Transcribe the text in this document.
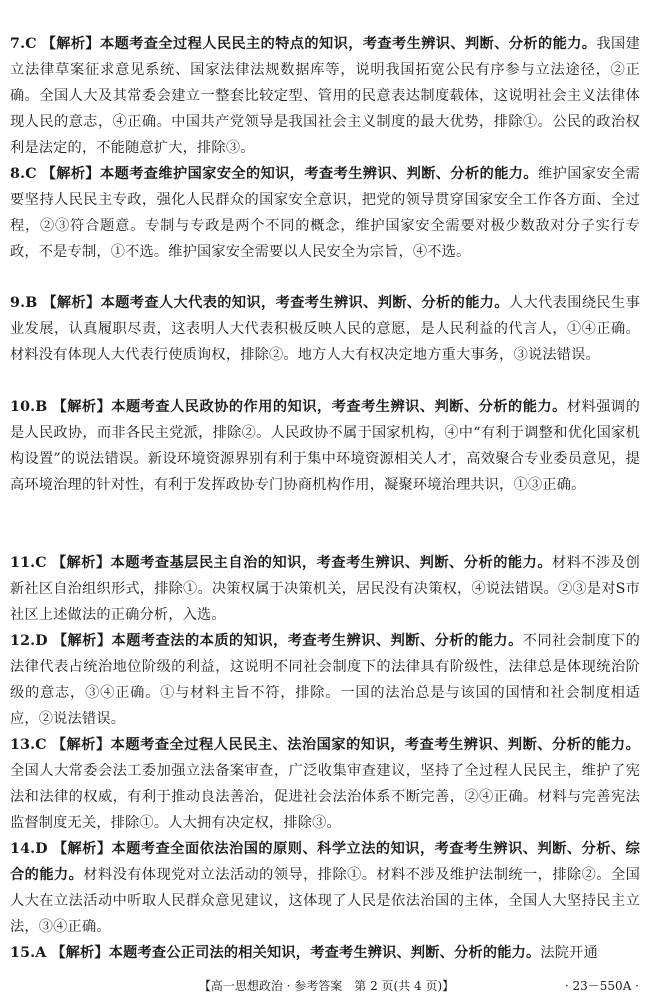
7.C 【解析】本题考查全过程人民民主的特点的知识，考查考生辨识、判断、分析的能力。我国建立法律草案征求意见系统、国家法律法规数据库等，说明我国拓宽公民有序参与立法途径，②正确。全国人大及其常委会建立一整套比较定型、管用的民意表达制度载体，这说明社会主义法律体现人民的意志，④正确。中国共产党领导是我国社会主义制度的最大优势，排除①。公民的政治权利是法定的，不能随意扩大，排除③。
8.C 【解析】本题考查维护国家安全的知识，考查考生辨识、判断、分析的能力。维护国家安全需要坚持人民民主专政，强化人民群众的国家安全意识，把党的领导贯穿国家安全工作各方面、全过程，②③符合题意。专制与专政是两个不同的概念，维护国家安全需要对极少数敌对分子实行专政，不是专制，①不选。维护国家安全需要以人民安全为宗旨，④不选。
9.B 【解析】本题考查人大代表的知识，考查考生辨识、判断、分析的能力。人大代表围绕民生事业发展，认真履职尽责，这表明人大代表积极反映人民的意愿，是人民利益的代言人，①④正确。材料没有体现人大代表行使质询权，排除②。地方人大有权决定地方重大事务，③说法错误。
10.B 【解析】本题考查人民政协的作用的知识，考查考生辨识、判断、分析的能力。材料强调的是人民政协，而非各民主党派，排除②。人民政协不属于国家机构，④中“有利于调整和优化国家机构设置”的说法错误。新设环境资源界别有利于集中环境资源相关人才，高效聚合专业委员意见，提高环境治理的针对性，有利于发挥政协专门协商机构作用，凝聚环境治理共识，①③正确。
11.C 【解析】本题考查基层民主自治的知识，考查考生辨识、判断、分析的能力。材料不涉及创新社区自治组织形式，排除①。决策权属于决策机关，居民没有决策权，④说法错误。②③是对S市社区上述做法的正确分析，入选。
12.D 【解析】本题考查法的本质的知识，考查考生辨识、判断、分析的能力。不同社会制度下的法律代表占统治地位阶级的利益，这说明不同社会制度下的法律具有阶级性，法律总是体现统治阶级的意志，③④正确。①与材料主旨不符，排除。一国的法治总是与该国的国情和社会制度相适应，②说法错误。
13.C 【解析】本题考查全过程人民民主、法治国家的知识，考查考生辨识、判断、分析的能力。全国人大常委会法工委加强立法备案审查，广泛收集审查建议，坚持了全过程人民民主，维护了宪法和法律的权威，有利于推动良法善治，促进社会法治体系不断完善，②④正确。材料与完善宪法监督制度无关，排除①。人大拥有决定权，排除③。
14.D 【解析】本题考查全面依法治国的原则、科学立法的知识，考查考生辨识、判断、分析、综合的能力。材料没有体现党对立法活动的领导，排除①。材料不涉及维护法制统一，排除②。全国人大在立法活动中听取人民群众意见建议，这体现了人民是依法治国的主体，全国人大坚持民主立法，③④正确。
15.A 【解析】本题考查公正司法的相关知识，考查考生辨识、判断、分析的能力。法院开通
【高一思想政治 · 参考答案　第 2 页(共 4 页)】	· 23－550A ·
